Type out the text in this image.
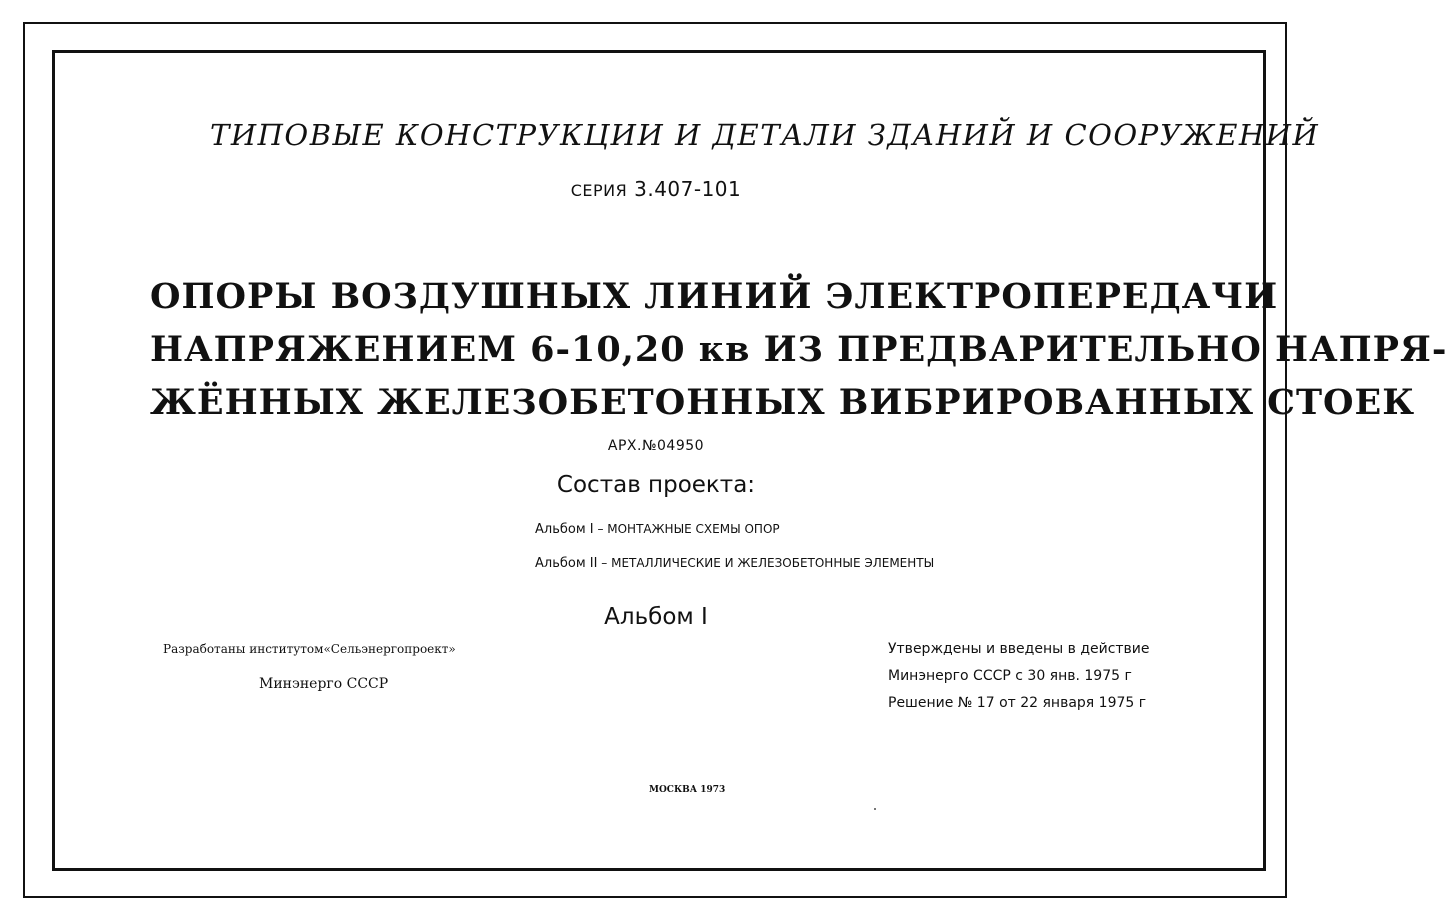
ТИПОВЫЕ КОНСТРУКЦИИ И ДЕТАЛИ ЗДАНИЙ И СООРУЖЕНИЙ
СЕРИЯ 3.407-101
ОПОРЫ ВОЗДУШНЫХ ЛИНИЙ ЭЛЕКТРОПЕРЕДАЧИ
НАПРЯЖЕНИЕМ 6-10,20 кв ИЗ ПРЕДВАРИТЕЛЬНО НАПРЯ-
ЖЁННЫХ ЖЕЛЕЗОБЕТОННЫХ ВИБРИРОВАННЫХ СТОЕК
АРХ.№04950
Состав проекта:
Альбом I – МОНТАЖНЫЕ СХЕМЫ ОПОР
Альбом II – МЕТАЛЛИЧЕСКИЕ И ЖЕЛЕЗОБЕТОННЫЕ ЭЛЕМЕНТЫ
Альбом I
Разработаны институтом«Сельэнергопроект»
Минэнерго СССР
Утверждены и введены в действие
Минэнерго СССР с 30 янв. 1975 г
Решение № 17 от 22 января 1975 г
МОСКВА 1973
